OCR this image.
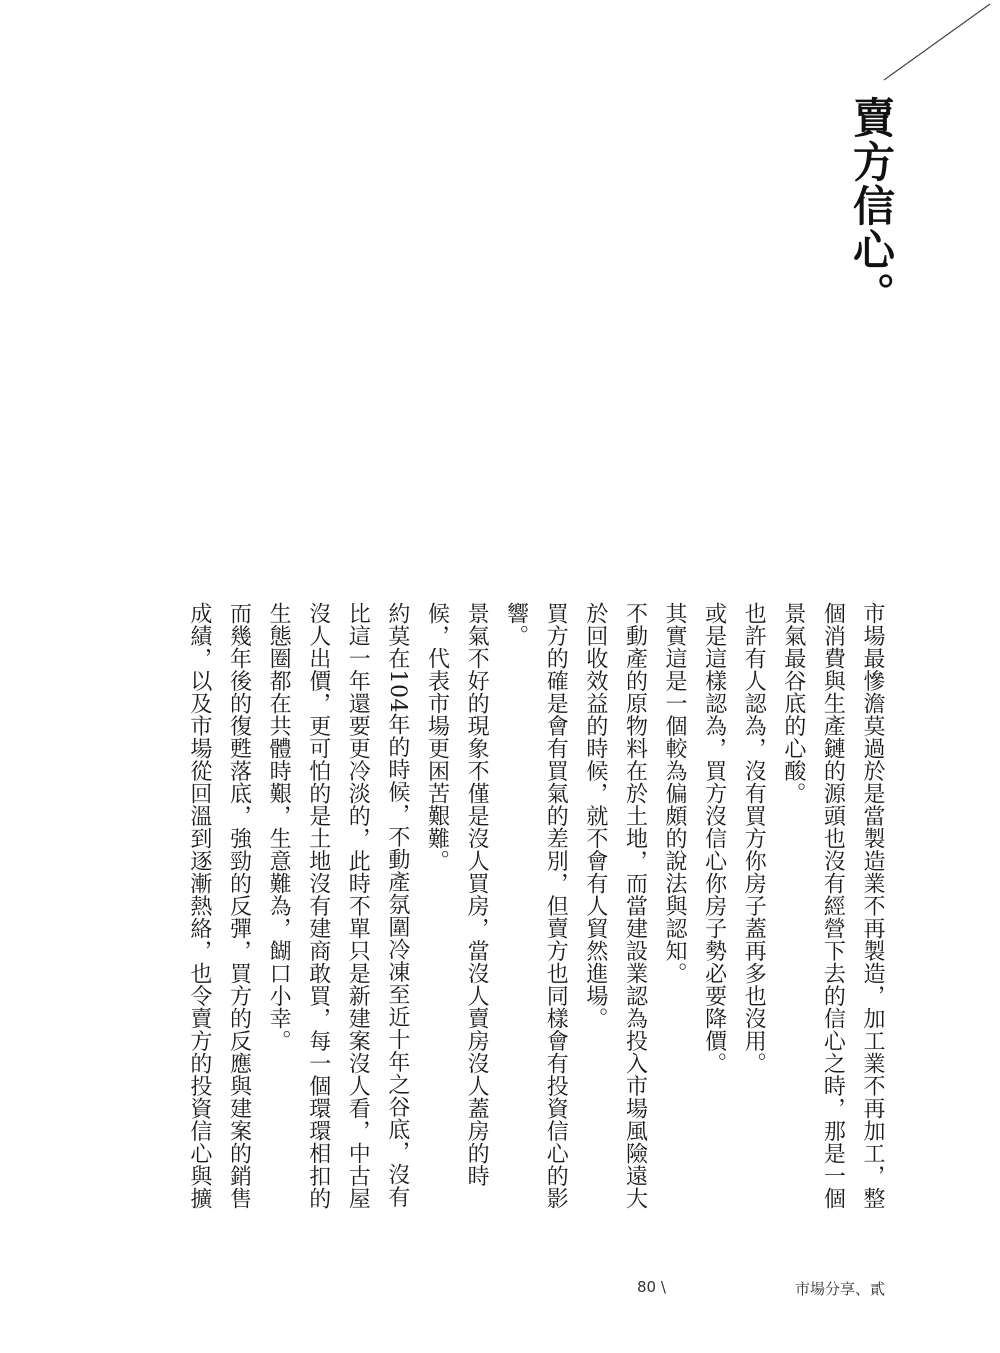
賣方信心。

市場最慘澹莫過於是當製造業不再製造，加工業不再加工，整個消費與生產鏈的源頭也沒有經營下去的信心之時，那是一個景氣最谷底的心酸。

也許有人認為，沒有買方你房子蓋再多也沒用。

或是這樣認為，買方沒信心你房子勢必要降價。

其實這是一個較為偏頗的說法與認知。

不動產的原物料在於土地，而當建設業認為投入市場風險遠大於回收效益的時候，就不會有人貿然進場。

買方的確是會有買氣的差別，但賣方也同樣會有投資信心的影響。

景氣不好的現象不僅是沒人買房，當沒人賣房沒人蓋房的時候，代表市場更困苦艱難。

約莫在104年的時候，不動產氛圍冷凍至近十年之谷底，沒有比這一年還要更冷淡的，此時不單只是新建案沒人看，中古屋沒人出價，更可怕的是土地沒有建商敢買，每一個環環相扣的生態圈都在共體時艱，生意難為，餬口小幸。

而幾年後的復甦落底，強勁的反彈，買方的反應與建案的銷售成績，以及市場從回溫到逐漸熱絡，也令賣方的投資信心與擴

80 \	市場分享、貳
